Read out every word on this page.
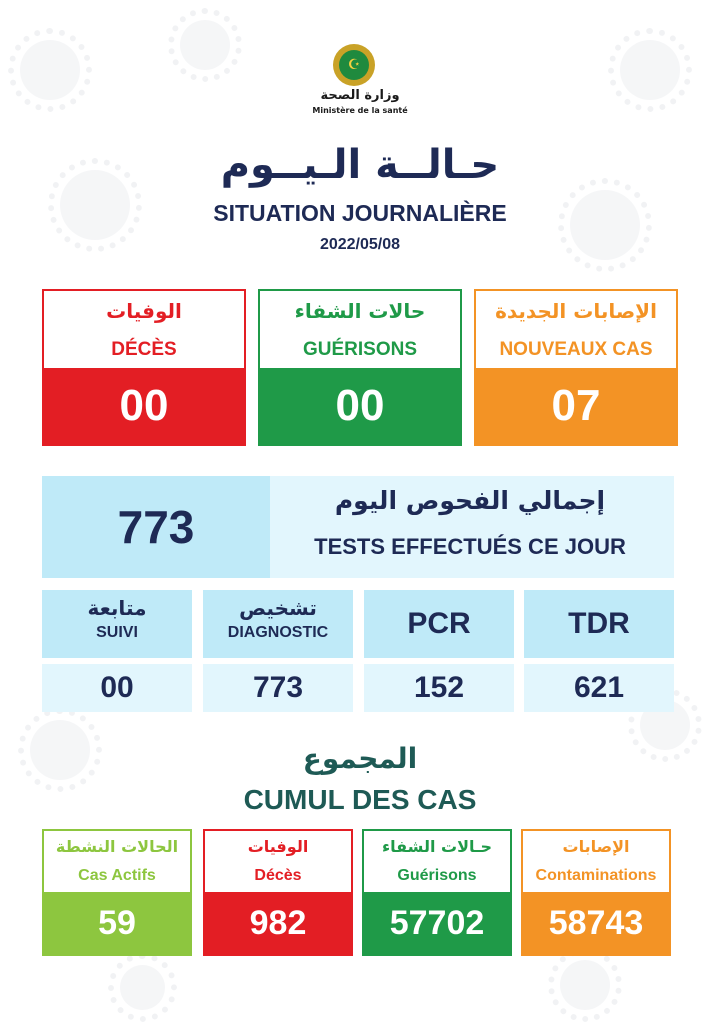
☪
وزارة الصحة
Ministère de la santé
حـالــة الـيــوم
SITUATION JOURNALIÈRE
2022/05/08
الوفيات
DÉCÈS
00
حالات الشفاء
GUÉRISONS
00
الإصابات الجديدة
NOUVEAUX CAS
07
773
إجمالي الفحوص اليوم
TESTS EFFECTUÉS CE JOUR
متابعة
SUIVI
00
تشخيص
DIAGNOSTIC
773
PCR
152
TDR
621
المجموع
CUMUL DES CAS
الحالات النشطة
Cas Actifs
59
الوفيات
Décès
982
حـالات الشفاء
Guérisons
57702
الإصابات
Contaminations
58743
